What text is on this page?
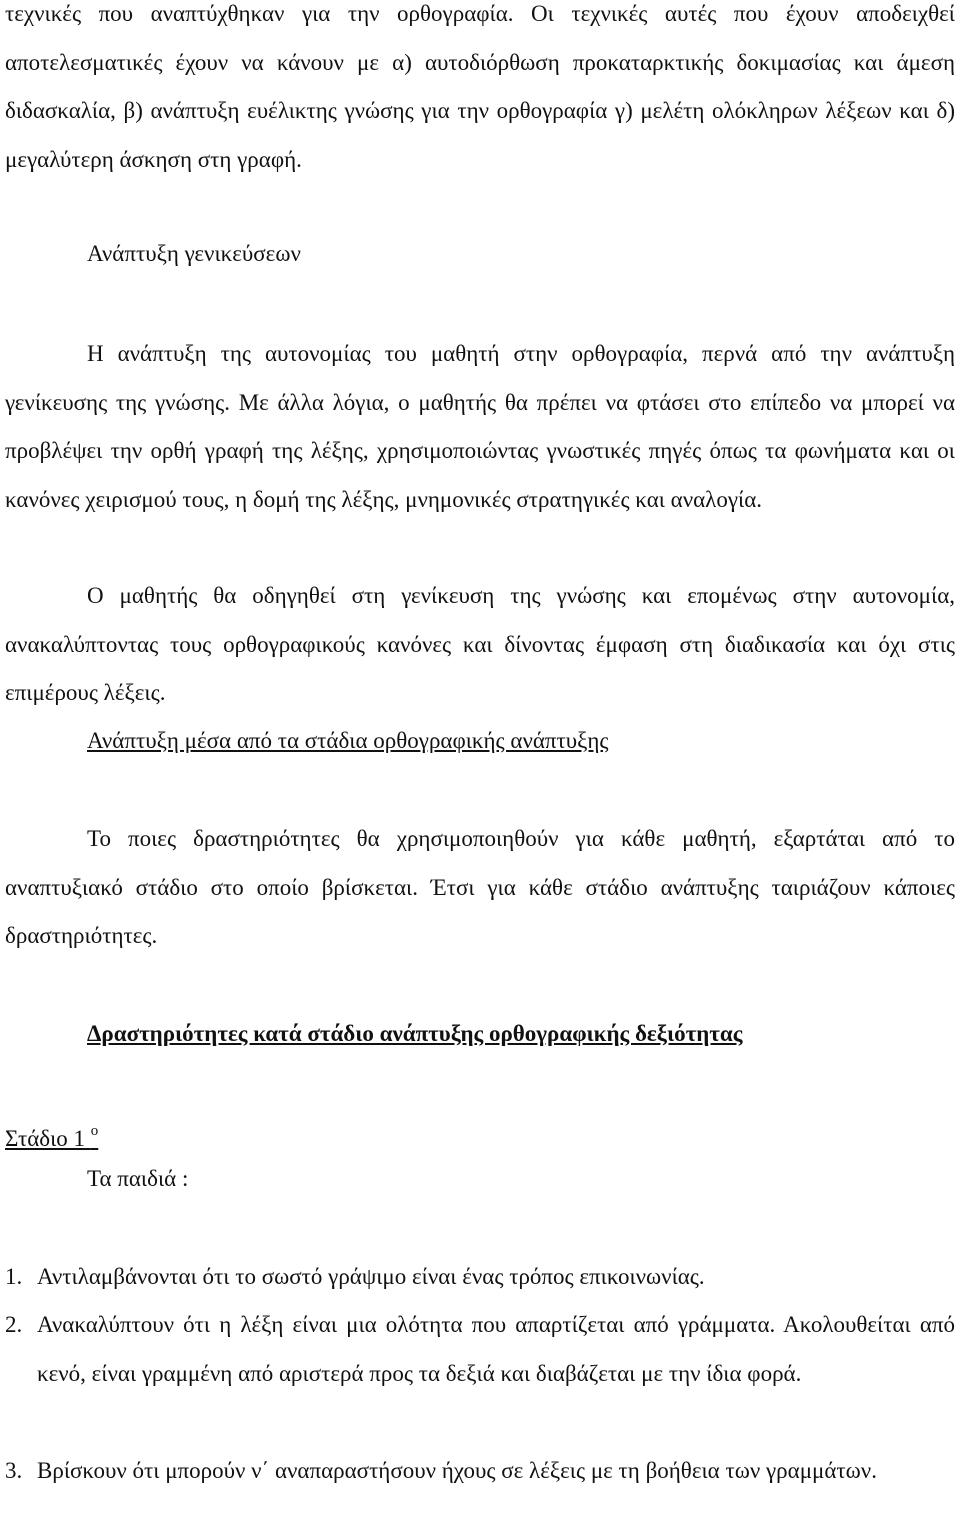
τεχνικές που αναπτύχθηκαν για την ορθογραφία. Οι τεχνικές αυτές που έχουν αποδειχθεί αποτελεσματικές έχουν να κάνουν με α) αυτοδιόρθωση προκαταρκτικής δοκιμασίας και άμεση διδασκαλία, β) ανάπτυξη ευέλικτης γνώσης για την ορθογραφία γ) μελέτη ολόκληρων λέξεων και δ) μεγαλύτερη άσκηση στη γραφή.

Ανάπτυξη γενικεύσεων

Η ανάπτυξη της αυτονομίας του μαθητή στην ορθογραφία, περνά από την ανάπτυξη γενίκευσης της γνώσης. Με άλλα λόγια, ο μαθητής θα πρέπει να φτάσει στο επίπεδο να μπορεί να προβλέψει την ορθή γραφή της λέξης, χρησιμοποιώντας γνωστικές πηγές όπως τα φωνήματα και οι κανόνες χειρισμού τους, η δομή της λέξης, μνημονικές στρατηγικές και αναλογία.

Ο μαθητής θα οδηγηθεί στη γενίκευση της γνώσης και επομένως στην αυτονομία, ανακαλύπτοντας τους ορθογραφικούς κανόνες και δίνοντας έμφαση στη διαδικασία και όχι στις επιμέρους λέξεις.

Ανάπτυξη μέσα από τα στάδια ορθογραφικής ανάπτυξης

Το ποιες δραστηριότητες θα χρησιμοποιηθούν για κάθε μαθητή, εξαρτάται από το αναπτυξιακό στάδιο στο οποίο βρίσκεται. Έτσι για κάθε στάδιο ανάπτυξης ταιριάζουν κάποιες δραστηριότητες.

Δραστηριότητες κατά στάδιο ανάπτυξης ορθογραφικής δεξιότητας

Στάδιο 1 $^o$

Τα παιδιά :

1. Αντιλαμβάνονται ότι το σωστό γράψιμο είναι ένας τρόπος επικοινωνίας.
2. Ανακαλύπτουν ότι η λέξη είναι μια ολότητα που απαρτίζεται από γράμματα. Ακολουθείται από κενό, είναι γραμμένη από αριστερά προς τα δεξιά και διαβάζεται με την ίδια φορά.
3. Βρίσκουν ότι μπορούν ν΄ αναπαραστήσουν ήχους σε λέξεις με τη βοήθεια των γραμμάτων.
